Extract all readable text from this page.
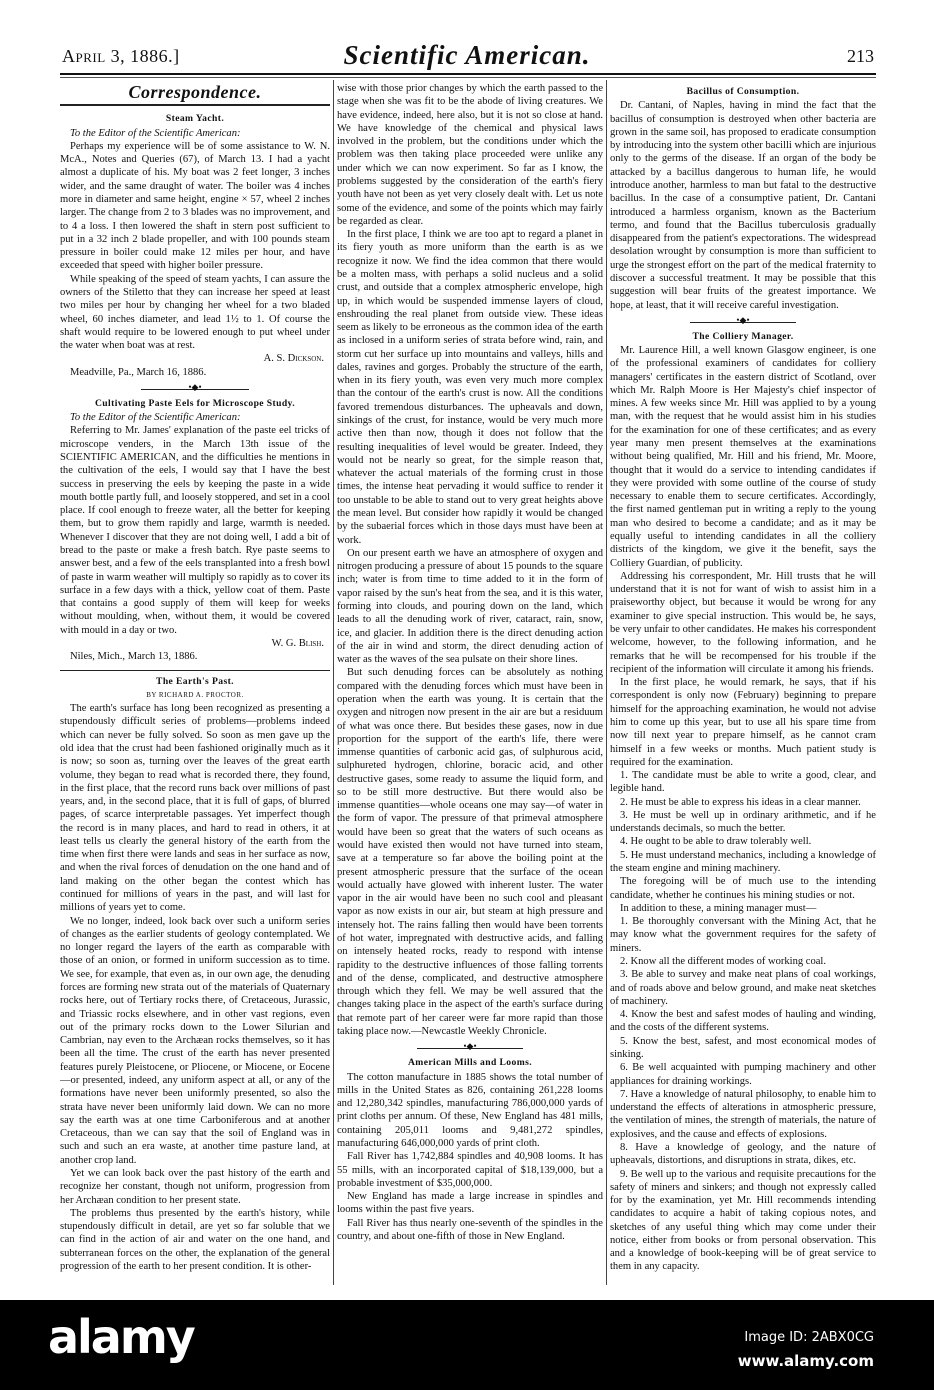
April 3, 1886.]	Scientific American.	213
Correspondence.
Steam Yacht.

To the Editor of the Scientific American:

Perhaps my experience will be of some assistance to W. N. McA., Notes and Queries (67), of March 13. I had a yacht almost a duplicate of his. My boat was 2 feet longer, 3 inches wider, and the same draught of water. The boiler was 4 inches more in diameter and same height, engine × 57, wheel 2 inches larger. The change from 2 to 3 blades was no improvement, and to 4 a loss. I then lowered the shaft in stern post sufficient to put in a 32 inch 2 blade propeller, and with 100 pounds steam pressure in boiler could make 12 miles per hour, and have exceeded that speed with higher boiler pressure.

While speaking of the speed of steam yachts, I can assure the owners of the Stiletto that they can increase her speed at least two miles per hour by changing her wheel for a two bladed wheel, 60 inches diameter, and lead 1½ to 1. Of course the shaft would require to be lowered enough to put wheel under the water when boat was at rest.

A. S. Dickson.
Meadville, Pa., March 16, 1886.
•◆•
Cultivating Paste Eels for Microscope Study.

To the Editor of the Scientific American:

Referring to Mr. James' explanation of the paste eel tricks of microscope venders, in the March 13th issue of the SCIENTIFIC AMERICAN, and the difficulties he mentions in the cultivation of the eels, I would say that I have the best success in preserving the eels by keeping the paste in a wide mouth bottle partly full, and loosely stoppered, and set in a cool place. If cool enough to freeze water, all the better for keeping them, but to grow them rapidly and large, warmth is needed. Whenever I discover that they are not doing well, I add a bit of bread to the paste or make a fresh batch. Rye paste seems to answer best, and a few of the eels transplanted into a fresh bowl of paste in warm weather will multiply so rapidly as to cover its surface in a few days with a thick, yellow coat of them. Paste that contains a good supply of them will keep for weeks without moulding, when, without them, it would be covered with mould in a day or two.

W. G. Blish.
Niles, Mich., March 13, 1886.
The Earth's Past.
BY RICHARD A. PROCTOR.

The earth's surface has long been recognized as presenting a stupendously difficult series of problems—problems indeed which can never be fully solved. So soon as men gave up the old idea that the crust had been fashioned originally much as it is now; so soon as, turning over the leaves of the great earth volume, they began to read what is recorded there, they found, in the first place, that the record runs back over millions of past years, and, in the second place, that it is full of gaps, of blurred pages, of scarce interpretable passages. Yet imperfect though the record is in many places, and hard to read in others, it at least tells us clearly the general history of the earth from the time when first there were lands and seas in her surface as now, and when the rival forces of denudation on the one hand and of land making on the other began the contest which has continued for millions of years in the past, and will last for millions of years yet to come.

We no longer, indeed, look back over such a uniform series of changes as the earlier students of geology contemplated. We no longer regard the layers of the earth as comparable with those of an onion, or formed in uniform succession as to time. We see, for example, that even as, in our own age, the denuding forces are forming new strata out of the materials of Quaternary rocks here, out of Tertiary rocks there, of Cretaceous, Jurassic, and Triassic rocks elsewhere, and in other vast regions, even out of the primary rocks down to the Lower Silurian and Cambrian, nay even to the Archæan rocks themselves, so it has been all the time. The crust of the earth has never presented features purely Pleistocene, or Pliocene, or Miocene, or Eocene—or presented, indeed, any uniform aspect at all, or any of the formations have never been uniformly presented, so also the strata have never been uniformly laid down. We can no more say the earth was at one time Carboniferous and at another Cretaceous, than we can say that the soil of England was in such and such an era waste, at another time pasture land, at another crop land.

Yet we can look back over the past history of the earth and recognize her constant, though not uniform, progression from her Archæan condition to her present state.

The problems thus presented by the earth's history, while stupendously difficult in detail, are yet so far soluble that we can find in the action of air and water on the one hand, and subterranean forces on the other, the explanation of the general progression of the earth to her present condition. It is other-

wise with those prior changes by which the earth passed to the stage when she was fit to be the abode of living creatures. We have evidence, indeed, here also, but it is not so close at hand. We have knowledge of the chemical and physical laws involved in the problem, but the conditions under which the problem was then taking place proceeded were unlike any under which we can now experiment. So far as I know, the problems suggested by the consideration of the earth's fiery youth have not been as yet very closely dealt with. Let us note some of the evidence, and some of the points which may fairly be regarded as clear.

In the first place, I think we are too apt to regard a planet in its fiery youth as more uniform than the earth is as we recognize it now. We find the idea common that there would be a molten mass, with perhaps a solid nucleus and a solid crust, and outside that a complex atmospheric envelope, high up, in which would be suspended immense layers of cloud, enshrouding the real planet from outside view. These ideas seem as likely to be erroneous as the common idea of the earth as inclosed in a uniform series of strata before wind, rain, and storm cut her surface up into mountains and valleys, hills and dales, ravines and gorges. Probably the structure of the earth, when in its fiery youth, was even very much more complex than the contour of the earth's crust is now. All the conditions favored tremendous disturbances. The upheavals and down, sinkings of the crust, for instance, would be very much more active then than now, though it does not follow that the resulting inequalities of level would be greater. Indeed, they would not be nearly so great, for the simple reason that, whatever the actual materials of the forming crust in those times, the intense heat pervading it would suffice to render it too unstable to be able to stand out to very great heights above the mean level. But consider how rapidly it would be changed by the subaerial forces which in those days must have been at work.

On our present earth we have an atmosphere of oxygen and nitrogen producing a pressure of about 15 pounds to the square inch; water is from time to time added to it in the form of vapor raised by the sun's heat from the sea, and it is this water, forming into clouds, and pouring down on the land, which leads to all the denuding work of river, cataract, rain, snow, ice, and glacier. In addition there is the direct denuding action of the air in wind and storm, the direct denuding action of water as the waves of the sea pulsate on their shore lines.

But such denuding forces can be absolutely as nothing compared with the denuding forces which must have been in operation when the earth was young. It is certain that the oxygen and nitrogen now present in the air are but a residuum of what was once there. But besides these gases, now in due proportion for the support of the earth's life, there were immense quantities of carbonic acid gas, of sulphurous acid, sulphureted hydrogen, chlorine, boracic acid, and other destructive gases, some ready to assume the liquid form, and so to be still more destructive. But there would also be immense quantities—whole oceans one may say—of water in the form of vapor. The pressure of that primeval atmosphere would have been so great that the waters of such oceans as would have existed then would not have turned into steam, save at a temperature so far above the boiling point at the present atmospheric pressure that the surface of the ocean would actually have glowed with inherent luster. The water vapor in the air would have been no such cool and pleasant vapor as now exists in our air, but steam at high pressure and intensely hot. The rains falling then would have been torrents of hot water, impregnated with destructive acids, and falling on intensely heated rocks, ready to respond with intense rapidity to the destructive influences of those falling torrents and of the dense, complicated, and destructive atmosphere through which they fell. We may be well assured that the changes taking place in the aspect of the earth's surface during that remote part of her career were far more rapid than those taking place now.—Newcastle Weekly Chronicle.

•◆•
American Mills and Looms.

The cotton manufacture in 1885 shows the total number of mills in the United States as 826, containing 261,228 looms and 12,280,342 spindles, manufacturing 786,000,000 yards of print cloths per annum. Of these, New England has 481 mills, containing 205,011 looms and 9,481,272 spindles, manufacturing 646,000,000 yards of print cloth.

Fall River has 1,742,884 spindles and 40,908 looms. It has 55 mills, with an incorporated capital of $18,139,000, but a probable investment of $35,000,000.

New England has made a large increase in spindles and looms within the past five years.

Fall River has thus nearly one-seventh of the spindles in the country, and about one-fifth of those in New England.

Bacillus of Consumption.

Dr. Cantani, of Naples, having in mind the fact that the bacillus of consumption is destroyed when other bacteria are grown in the same soil, has proposed to eradicate consumption by introducing into the system other bacilli which are injurious only to the germs of the disease. If an organ of the body be attacked by a bacillus dangerous to human life, he would introduce another, harmless to man but fatal to the destructive bacillus. In the case of a consumptive patient, Dr. Cantani introduced a harmless organism, known as the Bacterium termo, and found that the Bacillus tuberculosis gradually disappeared from the patient's expectorations. The widespread desolation wrought by consumption is more than sufficient to urge the strongest effort on the part of the medical fraternity to discover a successful treatment. It may be possible that this suggestion will bear fruits of the greatest importance. We hope, at least, that it will receive careful investigation.

•◆•
The Colliery Manager.

Mr. Laurence Hill, a well known Glasgow engineer, is one of the professional examiners of candidates for colliery managers' certificates in the eastern district of Scotland, over which Mr. Ralph Moore is Her Majesty's chief inspector of mines. A few weeks since Mr. Hill was applied to by a young man, with the request that he would assist him in his studies for the examination for one of these certificates; and as every year many men present themselves at the examinations without being qualified, Mr. Hill and his friend, Mr. Moore, thought that it would do a service to intending candidates if they were provided with some outline of the course of study necessary to enable them to secure certificates. Accordingly, the first named gentleman put in writing a reply to the young man who desired to become a candidate; and as it may be equally useful to intending candidates in all the colliery districts of the kingdom, we give it the benefit, says the Colliery Guardian, of publicity.

Addressing his correspondent, Mr. Hill trusts that he will understand that it is not for want of wish to assist him in a praiseworthy object, but because it would be wrong for any examiner to give special instruction. This would be, he says, be very unfair to other candidates. He makes his correspondent welcome, however, to the following information, and he remarks that he will be recompensed for his trouble if the recipient of the information will circulate it among his friends.

In the first place, he would remark, he says, that if his correspondent is only now (February) beginning to prepare himself for the approaching examination, he would not advise him to come up this year, but to use all his spare time from now till next year to prepare himself, as he cannot cram himself in a few weeks or months. Much patient study is required for the examination.

1. The candidate must be able to write a good, clear, and legible hand.

2. He must be able to express his ideas in a clear manner.

3. He must be well up in ordinary arithmetic, and if he understands decimals, so much the better.

4. He ought to be able to draw tolerably well.

5. He must understand mechanics, including a knowledge of the steam engine and mining machinery.

The foregoing will be of much use to the intending candidate, whether he continues his mining studies or not.

In addition to these, a mining manager must—

1. Be thoroughly conversant with the Mining Act, that he may know what the government requires for the safety of miners.

2. Know all the different modes of working coal.

3. Be able to survey and make neat plans of coal workings, and of roads above and below ground, and make neat sketches of machinery.

4. Know the best and safest modes of hauling and winding, and the costs of the different systems.

5. Know the best, safest, and most economical modes of sinking.

6. Be well acquainted with pumping machinery and other appliances for draining workings.

7. Have a knowledge of natural philosophy, to enable him to understand the effects of alterations in atmospheric pressure, the ventilation of mines, the strength of materials, the nature of explosives, and the cause and effects of explosions.

8. Have a knowledge of geology, and the nature of upheavals, distortions, and disruptions in strata, dikes, etc.

9. Be well up to the various and requisite precautions for the safety of miners and sinkers; and though not expressly called for by the examination, yet Mr. Hill recommends intending candidates to acquire a habit of taking copious notes, and sketches of any useful thing which may come under their notice, either from books or from personal observation. This and a knowledge of book-keeping will be of great service to them in any capacity.

alamy	Image ID: 2ABX0CG
www.alamy.com
